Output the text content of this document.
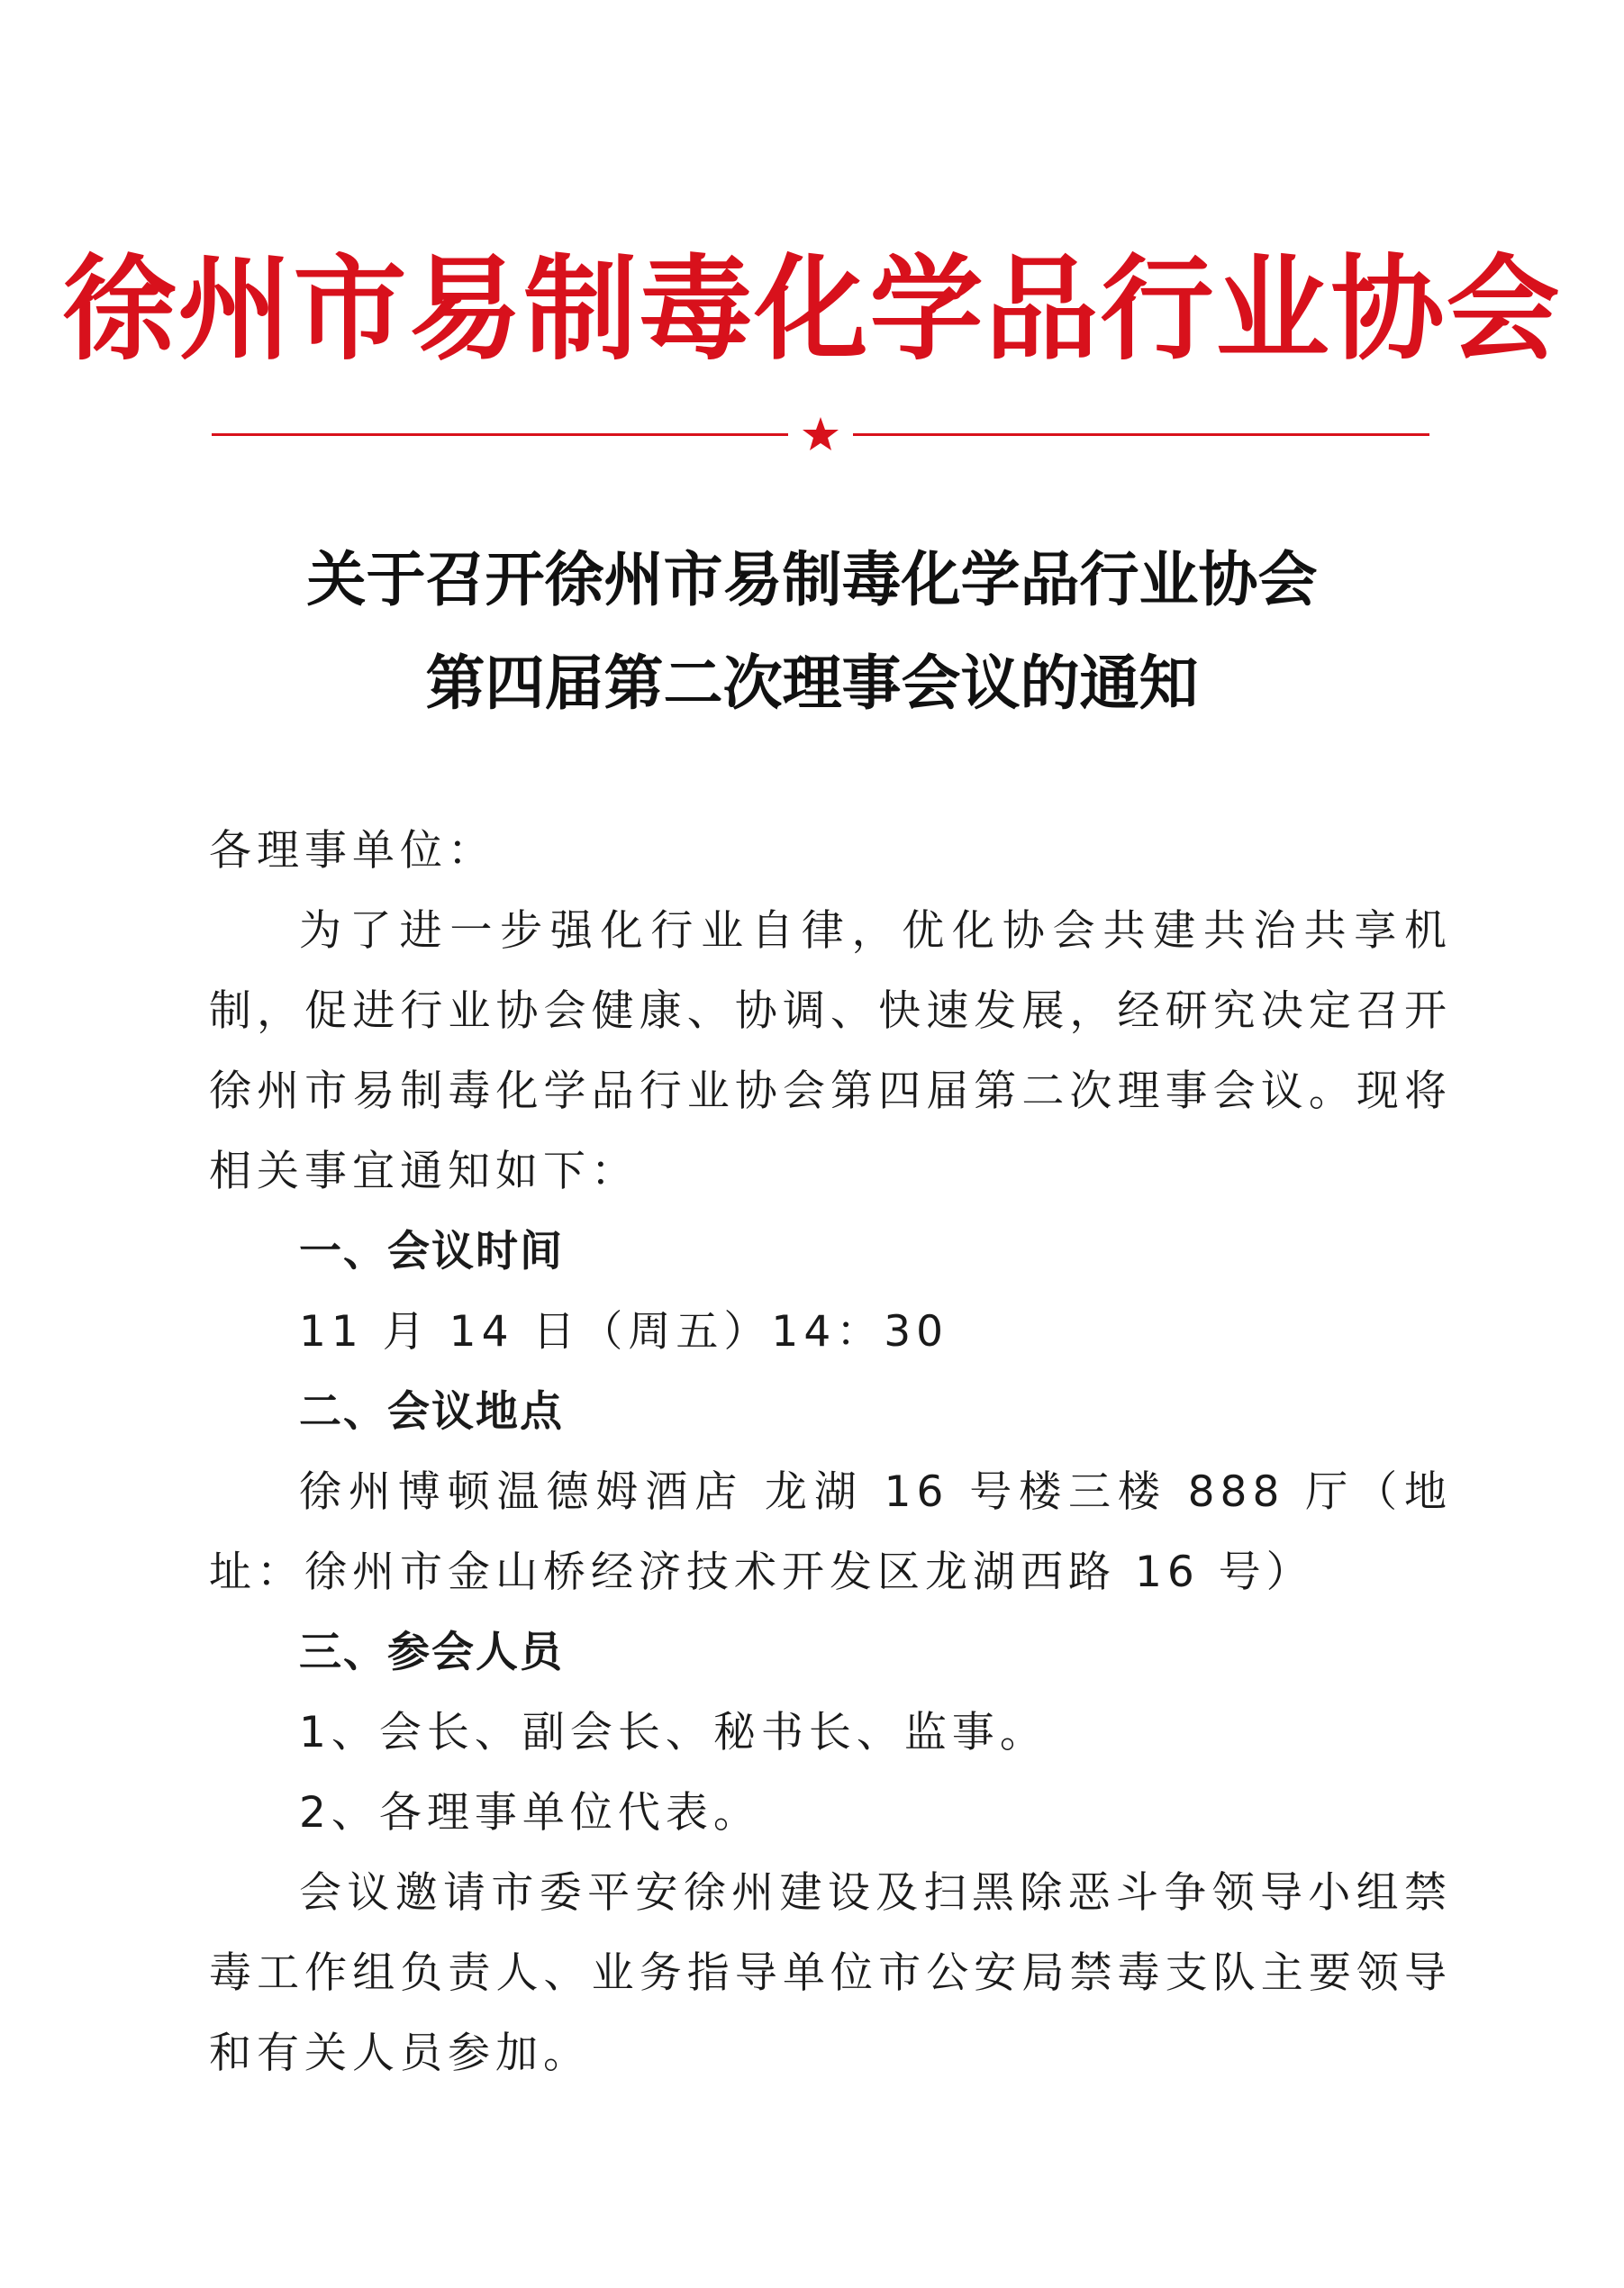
徐州市易制毒化学品行业协会
关于召开徐州市易制毒化学品行业协会
第四届第二次理事会议的通知

各理事单位：

为了进一步强化行业自律，优化协会共建共治共享机制，促进行业协会健康、协调、快速发展，经研究决定召开徐州市易制毒化学品行业协会第四届第二次理事会议。现将相关事宜通知如下：

一、会议时间

11 月 14 日（周五）14：30

二、会议地点

徐州博顿温德姆酒店 龙湖 16 号楼三楼 888 厅（地址：徐州市金山桥经济技术开发区龙湖西路 16 号）

三、参会人员

1、会长、副会长、秘书长、监事。

2、各理事单位代表。

会议邀请市委平安徐州建设及扫黑除恶斗争领导小组禁毒工作组负责人、业务指导单位市公安局禁毒支队主要领导和有关人员参加。
